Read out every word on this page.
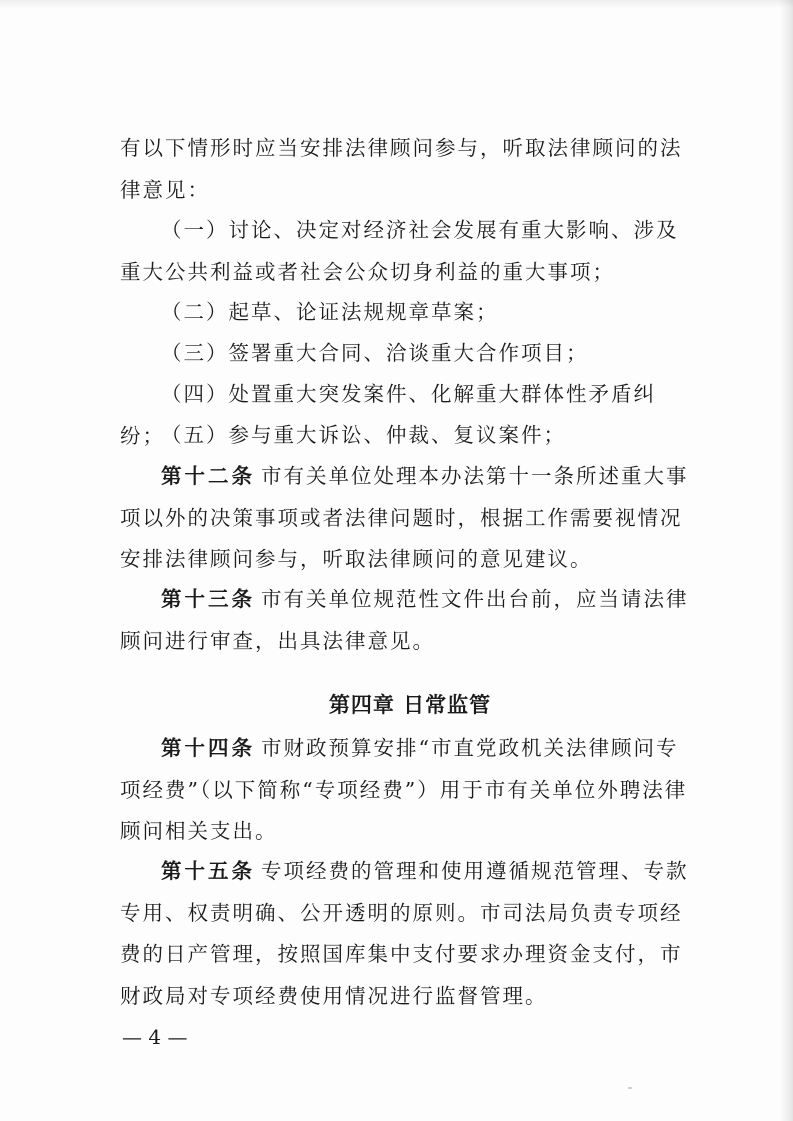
有以下情形时应当安排法律顾问参与，听取法律顾问的法律意见：

（一）讨论、决定对经济社会发展有重大影响、涉及重大公共利益或者社会公众切身利益的重大事项；

（二）起草、论证法规规章草案；

（三）签署重大合同、洽谈重大合作项目；

（四）处置重大突发案件、化解重大群体性矛盾纠纷；

（五）参与重大诉讼、仲裁、复议案件；

第十二条 市有关单位处理本办法第十一条所述重大事项以外的决策事项或者法律问题时，根据工作需要视情况安排法律顾问参与，听取法律顾问的意见建议。

第十三条 市有关单位规范性文件出台前，应当请法律顾问进行审查，出具法律意见。

第四章 日常监管

第十四条 市财政预算安排“市直党政机关法律顾问专项经费”（以下简称“专项经费”）用于市有关单位外聘法律顾问相关支出。

第十五条 专项经费的管理和使用遵循规范管理、专款专用、权责明确、公开透明的原则。市司法局负责专项经费的日产管理，按照国库集中支付要求办理资金支付，市财政局对专项经费使用情况进行监督管理。

— 4 —
